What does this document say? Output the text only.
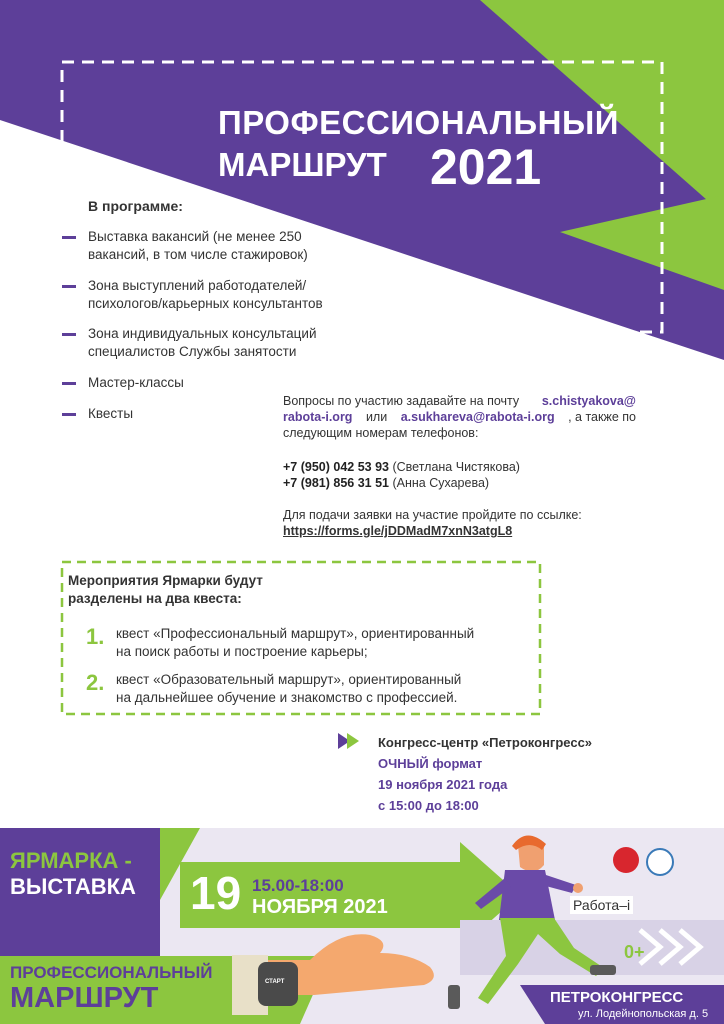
ПРОФЕССИОНАЛЬНЫЙ
МАРШРУТ 2021
В программе:
Выставка вакансий (не менее 250
вакансий, в том числе стажировок)
Зона выступлений работодателей/
психологов/карьерных консультантов
Зона индивидуальных консультаций
специалистов Службы занятости
Мастер-классы
Квесты
Вопросы по участию задавайте на почту s.chistyakova@
rabota-i.org или a.sukhareva@rabota-i.org , а также по
следующим номерам телефонов:
+7 (950) 042 53 93 (Светлана Чистякова)
+7 (981) 856 31 51 (Анна Сухарева)
Для подачи заявки на участие пройдите по ссылке:
https://forms.gle/jDDMadM7xnN3atgL8
Мероприятия Ярмарки будут
разделены на два квеста:
1. квест «Профессиональный маршрут», ориентированный
на поиск работы и построение карьеры;
2. квест «Образовательный маршрут», ориентированный
на дальнейшее обучение и знакомство с профессией.
Конгресс-центр «Петроконгресс»
ОЧНЫЙ формат
19 ноября 2021 года
с 15:00 до 18:00
ЯРМАРКА -
ВЫСТАВКА 19 15.00-18:00
НОЯБРЯ 2021	Работа–i
0+
СТАРТ
ПРОФЕССИОНАЛЬНЫЙ
МАРШРУТ	ПЕТРОКОНГРЕСС
ул. Лодейнопольская д. 5
